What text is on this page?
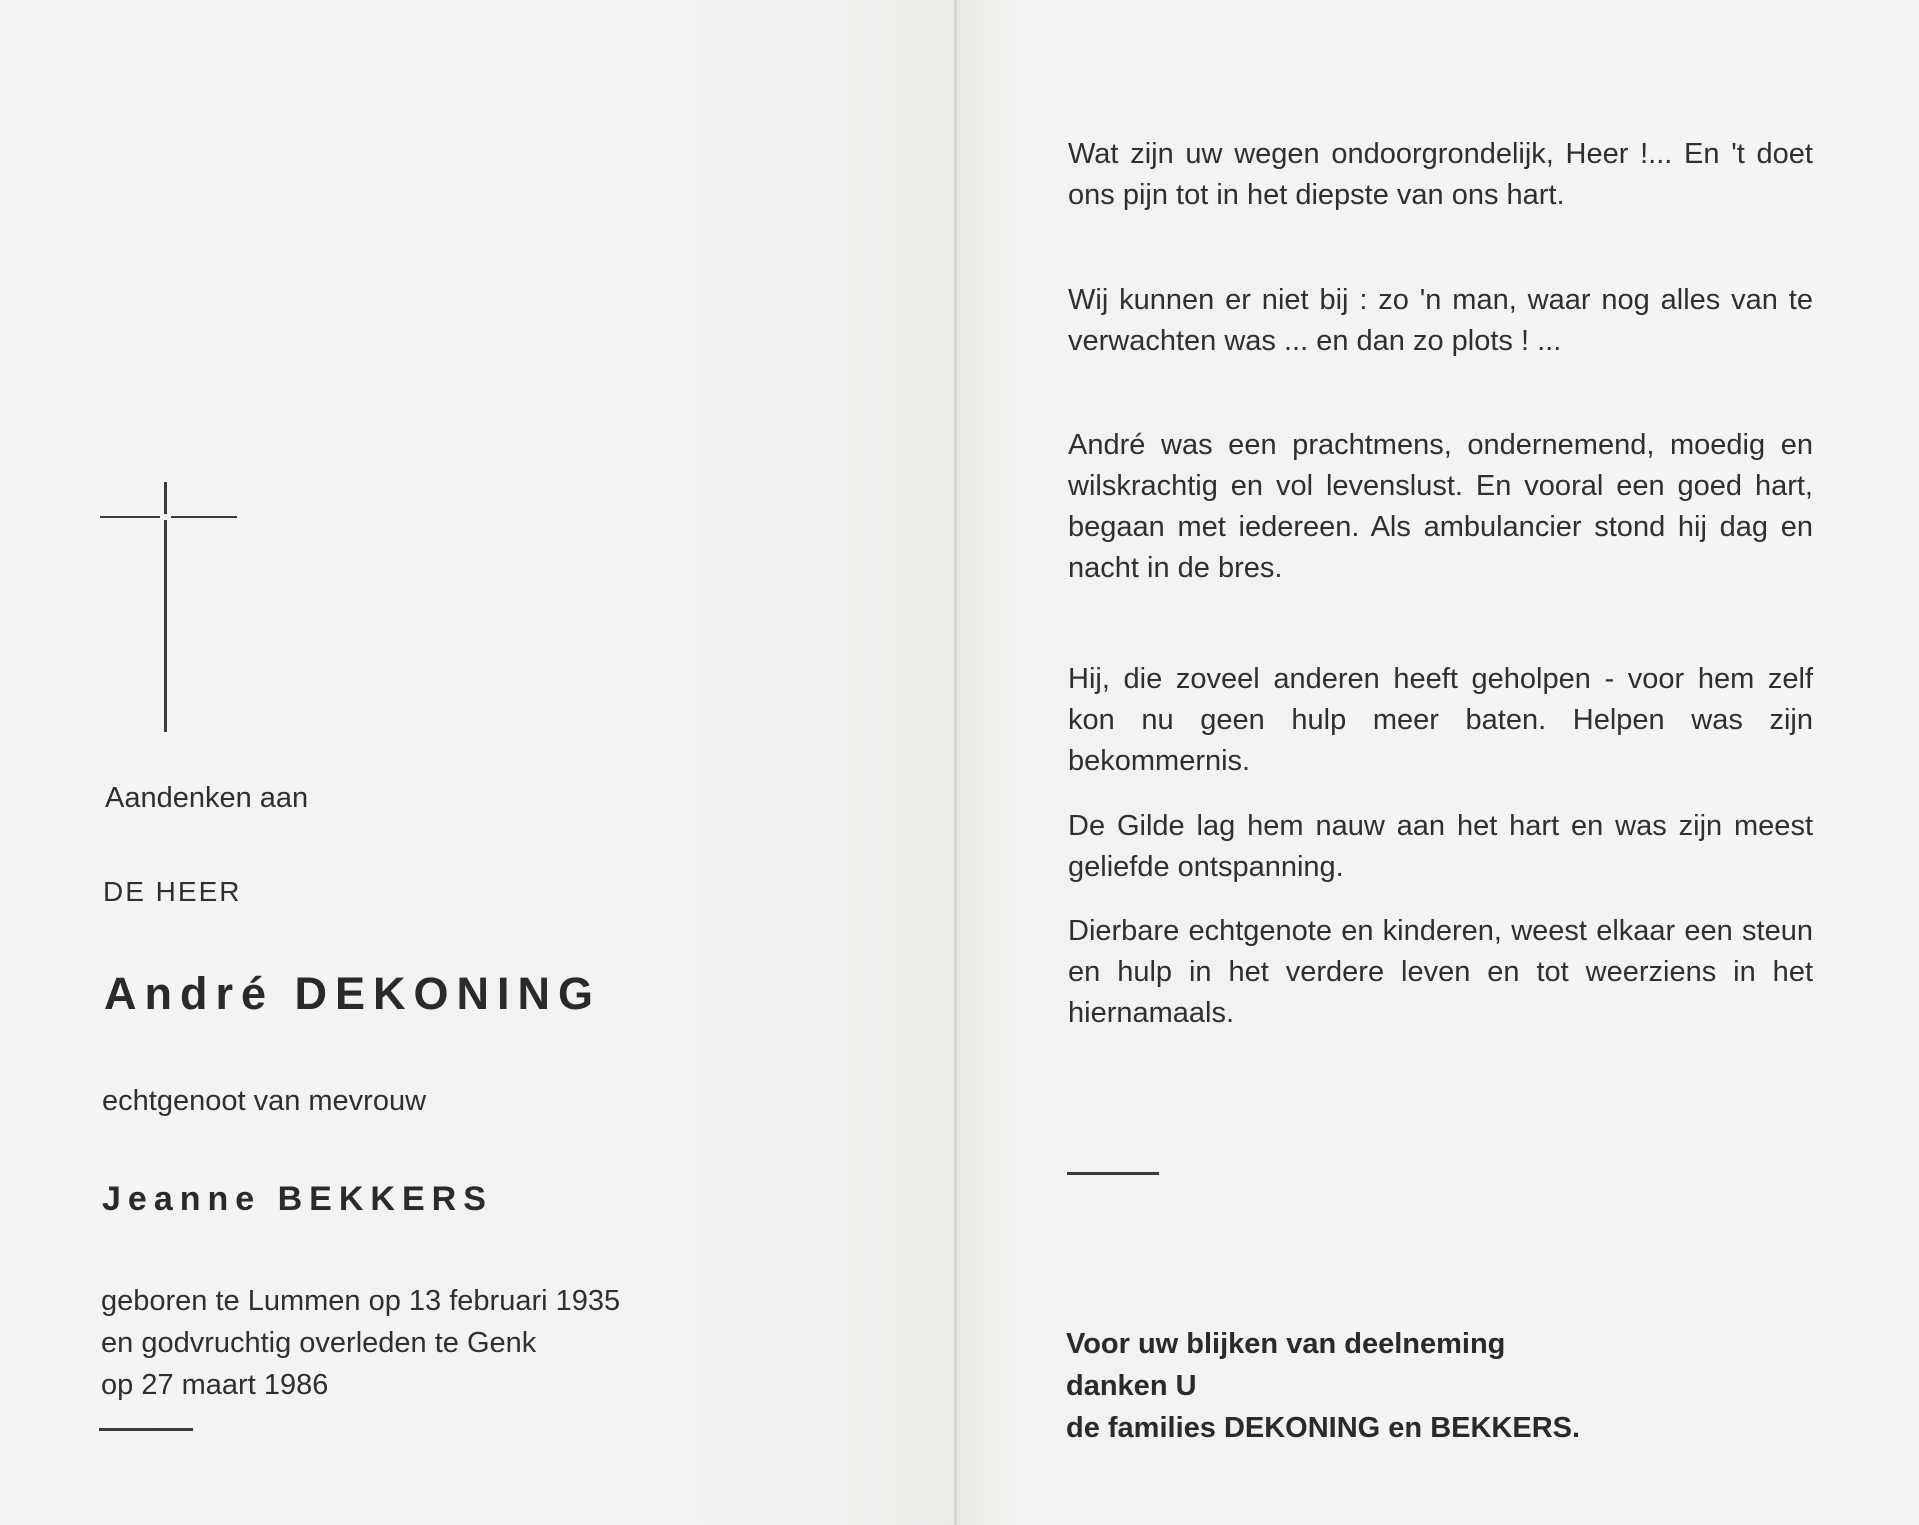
Aandenken aan
DE HEER
André DEKONING
echtgenoot van mevrouw
Jeanne BEKKERS
geboren te Lummen op 13 februari 1935
en godvruchtig overleden te Genk
op 27 maart 1986
Wat zijn uw wegen ondoorgrondelijk, Heer !... En 't doet ons pijn tot in het diepste van ons hart.
Wij kunnen er niet bij : zo 'n man, waar nog alles van te verwachten was ... en dan zo plots ! ...
André was een prachtmens, ondernemend, moedig en wilskrachtig en vol levenslust. En vooral een goed hart, begaan met iedereen. Als ambulancier stond hij dag en nacht in de bres.
Hij, die zoveel anderen heeft geholpen - voor hem zelf kon nu geen hulp meer baten. Helpen was zijn bekommernis.
De Gilde lag hem nauw aan het hart en was zijn meest geliefde ontspanning.
Dierbare echtgenote en kinderen, weest elkaar een steun en hulp in het verdere leven en tot weerziens in het hiernamaals.
Voor uw blijken van deelneming
danken U
de families DEKONING en BEKKERS.
